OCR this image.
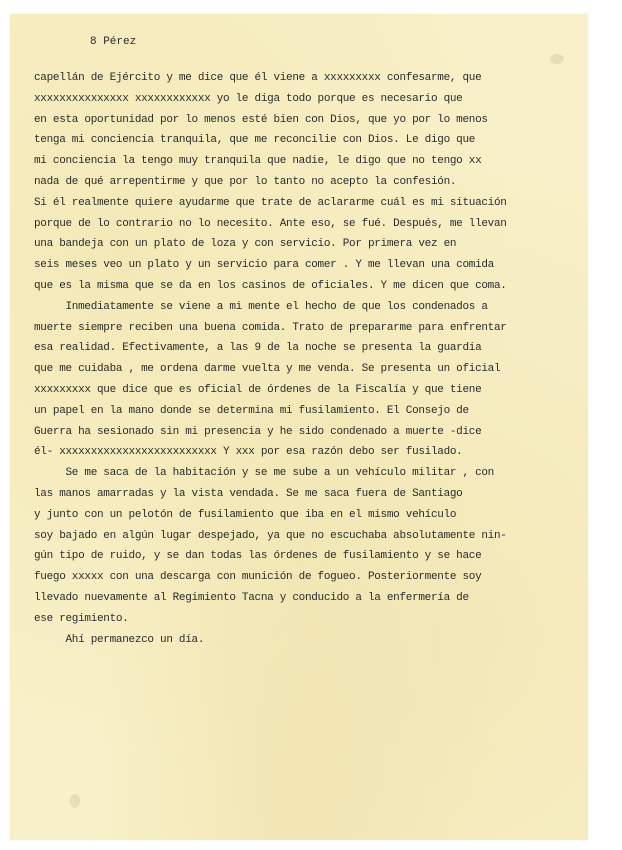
8 Pérez
capellán de Ejército y me dice que él viene a xxxxxxxxx confesarme, que
xxxxxxxxxxxxxxx xxxxxxxxxxxx yo le diga todo porque es necesario que
en esta oportunidad por lo menos esté bien con Dios, que yo por lo menos
tenga mi conciencia tranquila, que me reconcilie con Dios. Le digo que
mi conciencia la tengo muy tranquila que nadie, le digo que no tengo xx
nada de qué arrepentirme y que por lo tanto no acepto la confesión.
Si él realmente quiere ayudarme que trate de aclararme cuál es mi situación
porque de lo contrario no lo necesito. Ante eso, se fué. Después, me llevan
una bandeja con un plato de loza y con servicio. Por primera vez en
seis meses veo un plato y un servicio para comer . Y me llevan una comida
que es la misma que se da en los casinos de oficiales. Y me dicen que coma.
Inmediatamente se viene a mi mente el hecho de que los condenados a
muerte siempre reciben una buena comida. Trato de prepararme para enfrentar
esa realidad. Efectivamente, a las 9 de la noche se presenta la guardia
que me cuidaba , me ordena darme vuelta y me venda. Se presenta un oficial
xxxxxxxxx que dice que es oficial de órdenes de la Fiscalía y que tiene
un papel en la mano donde se determina mi fusilamiento. El Consejo de
Guerra ha sesionado sin mi presencia y he sido condenado a muerte -dice
él- xxxxxxxxxxxxxxxxxxxxxxxxx Y xxx por esa razón debo ser fusilado.
Se me saca de la habitación y se me sube a un vehículo militar , con
las manos amarradas y la vista vendada. Se me saca fuera de Santiago
y junto con un pelotón de fusilamiento que iba en el mismo vehículo
soy bajado en algún lugar despejado, ya que no escuchaba absolutamente nin-
gún tipo de ruido, y se dan todas las órdenes de fusilamiento y se hace
fuego xxxxx con una descarga con munición de fogueo. Posteriormente soy
llevado nuevamente al Regimiento Tacna y conducido a la enfermería de
ese regimiento.
Ahí permanezco un día.
